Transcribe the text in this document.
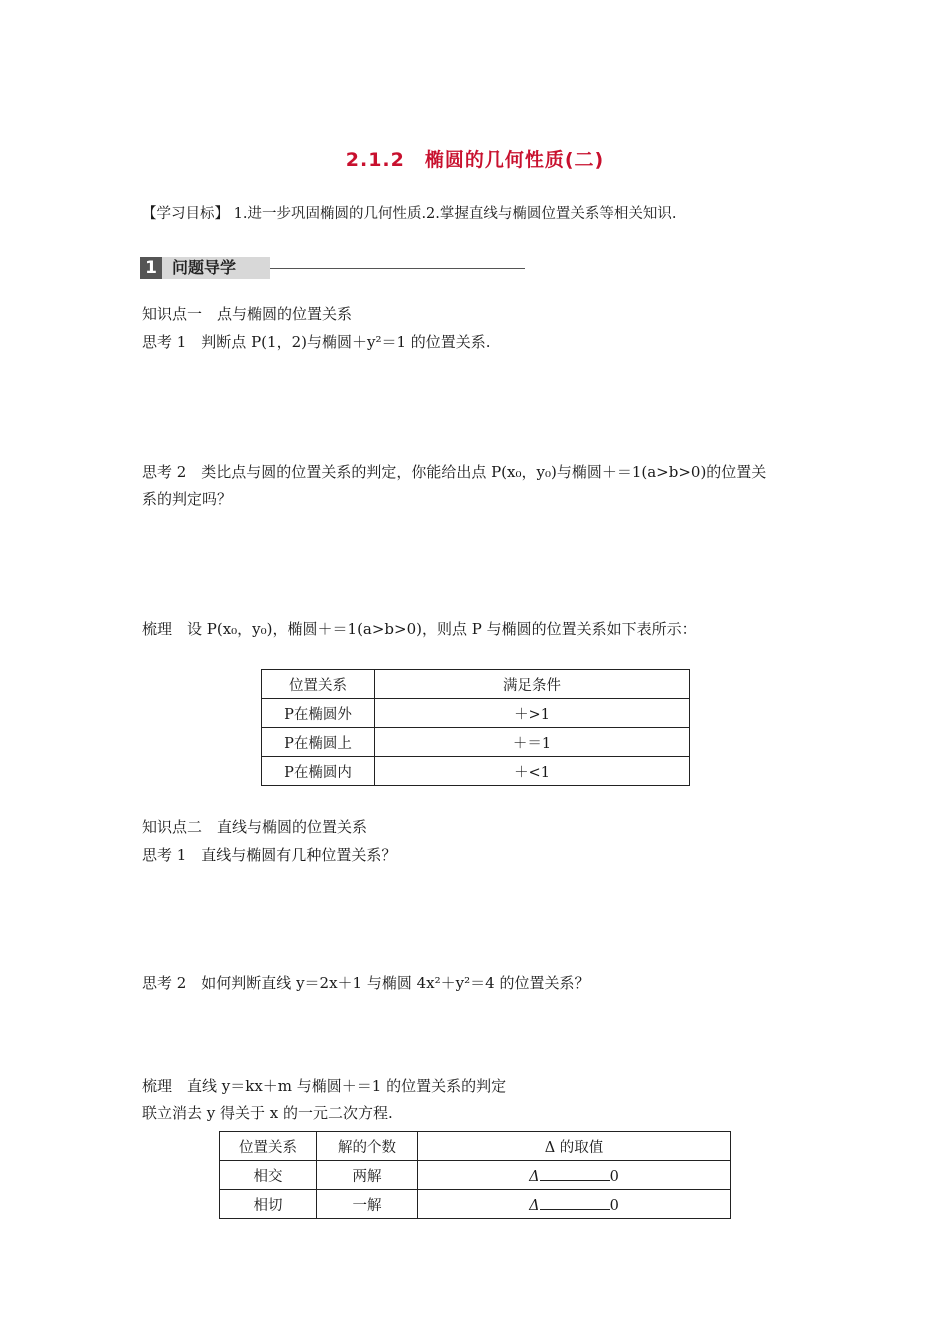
2.1.2　椭圆的几何性质(二)
【学习目标】 1.进一步巩固椭圆的几何性质.2.掌握直线与椭圆位置关系等相关知识.
1 问题导学
知识点一　点与椭圆的位置关系
思考 1　判断点 P(1，2)与椭圆＋y²＝1 的位置关系.
思考 2　类比点与圆的位置关系的判定，你能给出点 P(x₀，y₀)与椭圆＋＝1(a>b>0)的位置关
系的判定吗？
梳理　设 P(x₀，y₀)，椭圆＋＝1(a>b>0)，则点 P 与椭圆的位置关系如下表所示：
位置关系	满足条件
P在椭圆外	＋>1
P在椭圆上	＋＝1
P在椭圆内	＋<1
知识点二　直线与椭圆的位置关系
思考 1　直线与椭圆有几种位置关系？
思考 2　如何判断直线 y＝2x＋1 与椭圆 4x²＋y²＝4 的位置关系？
梳理　直线 y＝kx＋m 与椭圆＋＝1 的位置关系的判定
联立消去 y 得关于 x 的一元二次方程.
位置关系	解的个数	Δ 的取值
相交	两解	Δ 0
相切	一解	Δ 0
